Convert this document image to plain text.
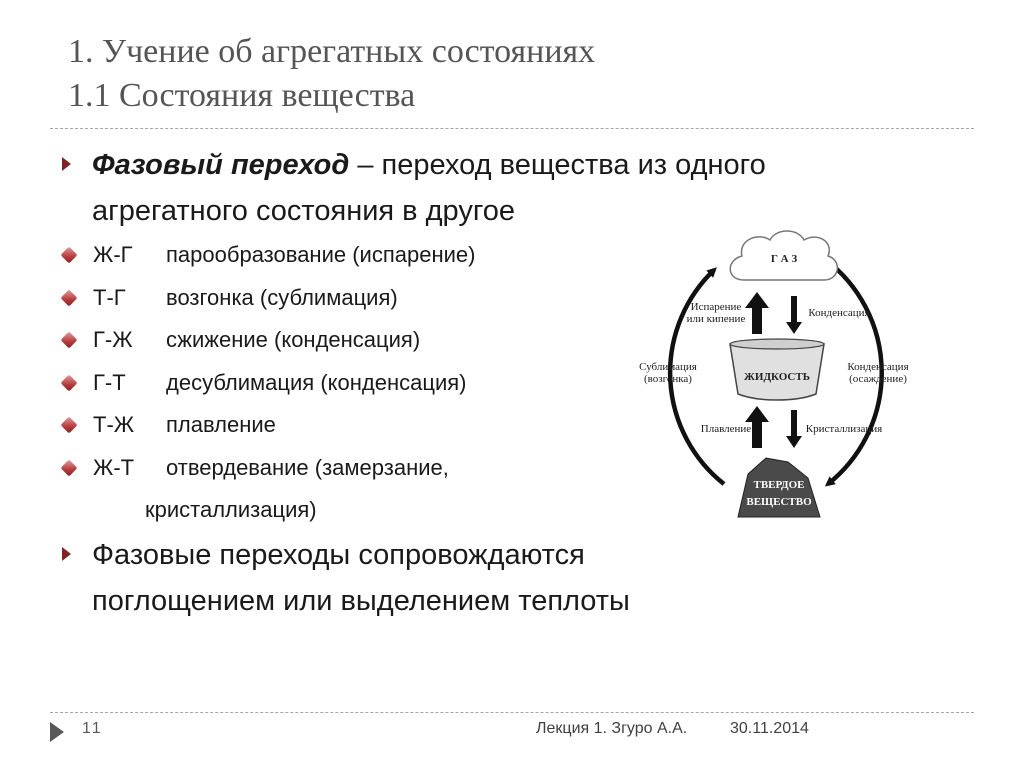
1. Учение об агрегатных состояниях
1.1 Состояния вещества
Фазовый переход – переход вещества из одного агрегатного состояния в другое
Ж-Г парообразование (испарение)
Т-Г возгонка (сублимация)
Г-Ж сжижение (конденсация)
Г-Т десублимация (конденсация)
Т-Ж плавление
Ж-Т отвердевание (замерзание,
кристаллизация)
Фазовые переходы сопровождаются
поглощением или выделением теплоты
Г А З
ЖИДКОСТЬ
ТВЕРДОЕ
ВЕЩЕСТВО
Испарение
или кипение	Конденсация
Сублимация
(возгонка)
Конденсация
(осаждение)
Плавление	Кристаллизация
11	Лекция 1. Згуро А.А.	30.11.2014
